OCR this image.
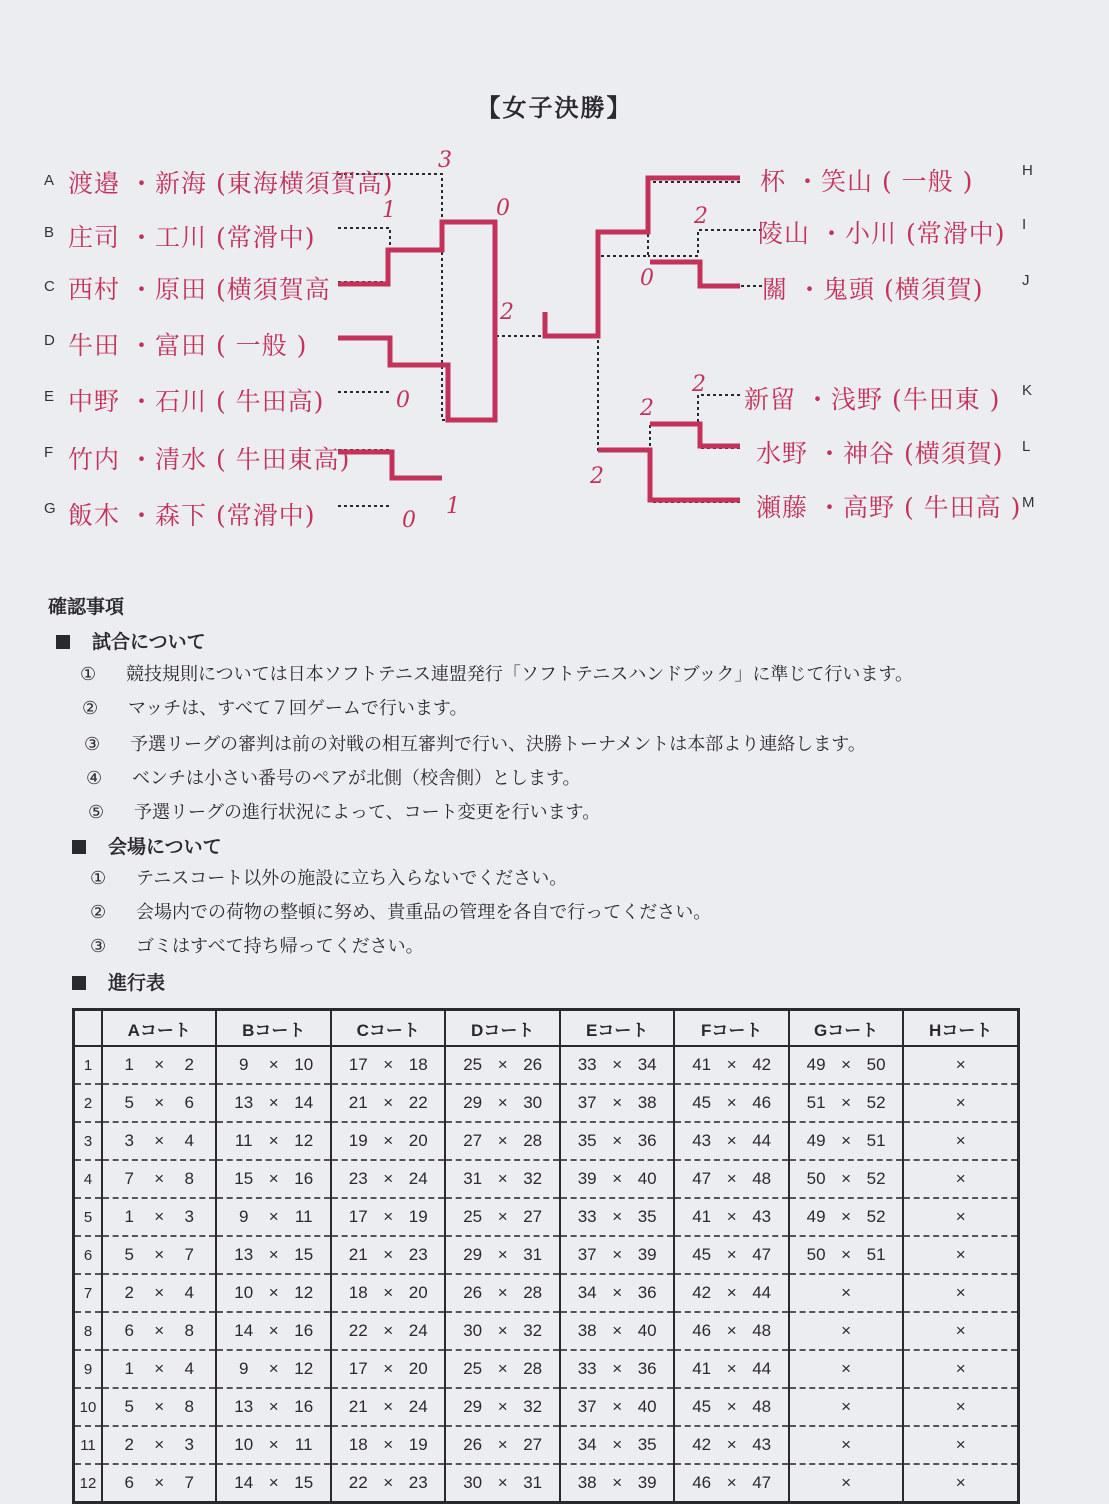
【女子決勝】
A 渡邉 ・新海 (東海横須賀高)
B 庄司 ・工川 (常滑中)
C 西村 ・原田 (横須賀高
D 牛田 ・富田 ( 一般 )
E 中野 ・石川 ( 牛田高)
F 竹内 ・清水 ( 牛田東高)
G 飯木 ・森下 (常滑中)
杯 ・笑山 ( 一般 )	H
陵山 ・小川 (常滑中) I
關 ・鬼頭 (横須賀)	J
新留 ・浅野 (牛田東 ) K
水野 ・神谷 (横須賀) L
瀬藤 ・高野 ( 牛田高 ) M
3
1	0
0
2
0
1
2
0
2
2
2
確認事項
試合について
① 競技規則については日本ソフトテニス連盟発行「ソフトテニスハンドブック」に準じて行います。
② マッチは、すべて７回ゲームで行います。
③ 予選リーグの審判は前の対戦の相互審判で行い、決勝トーナメントは本部より連絡します。
④ ベンチは小さい番号のペアが北側（校舎側）とします。
⑤ 予選リーグの進行状況によって、コート変更を行います。
会場について
① テニスコート以外の施設に立ち入らないでください。
② 会場内での荷物の整頓に努め、貴重品の管理を各自で行ってください。
③ ゴミはすべて持ち帰ってください。
進行表
	Aコート	Bコート	Cコート	Dコート	Eコート	Fコート	Gコート	Hコート
1	1 × 2	9 × 10	17 × 18	25 × 26	33 × 34	41 × 42	49 × 50	×
2	5 × 6	13 × 14	21 × 22	29 × 30	37 × 38	45 × 46	51 × 52	×
3	3 × 4	11 × 12	19 × 20	27 × 28	35 × 36	43 × 44	49 × 51	×
4	7 × 8	15 × 16	23 × 24	31 × 32	39 × 40	47 × 48	50 × 52	×
5	1 × 3	9 × 11	17 × 19	25 × 27	33 × 35	41 × 43	49 × 52	×
6	5 × 7	13 × 15	21 × 23	29 × 31	37 × 39	45 × 47	50 × 51	×
7	2 × 4	10 × 12	18 × 20	26 × 28	34 × 36	42 × 44	×	×
8	6 × 8	14 × 16	22 × 24	30 × 32	38 × 40	46 × 48	×	×
9	1 × 4	9 × 12	17 × 20	25 × 28	33 × 36	41 × 44	×	×
10	5 × 8	13 × 16	21 × 24	29 × 32	37 × 40	45 × 48	×	×
11	2 × 3	10 × 11	18 × 19	26 × 27	34 × 35	42 × 43	×	×
12	6 × 7	14 × 15	22 × 23	30 × 31	38 × 39	46 × 47	×	×
